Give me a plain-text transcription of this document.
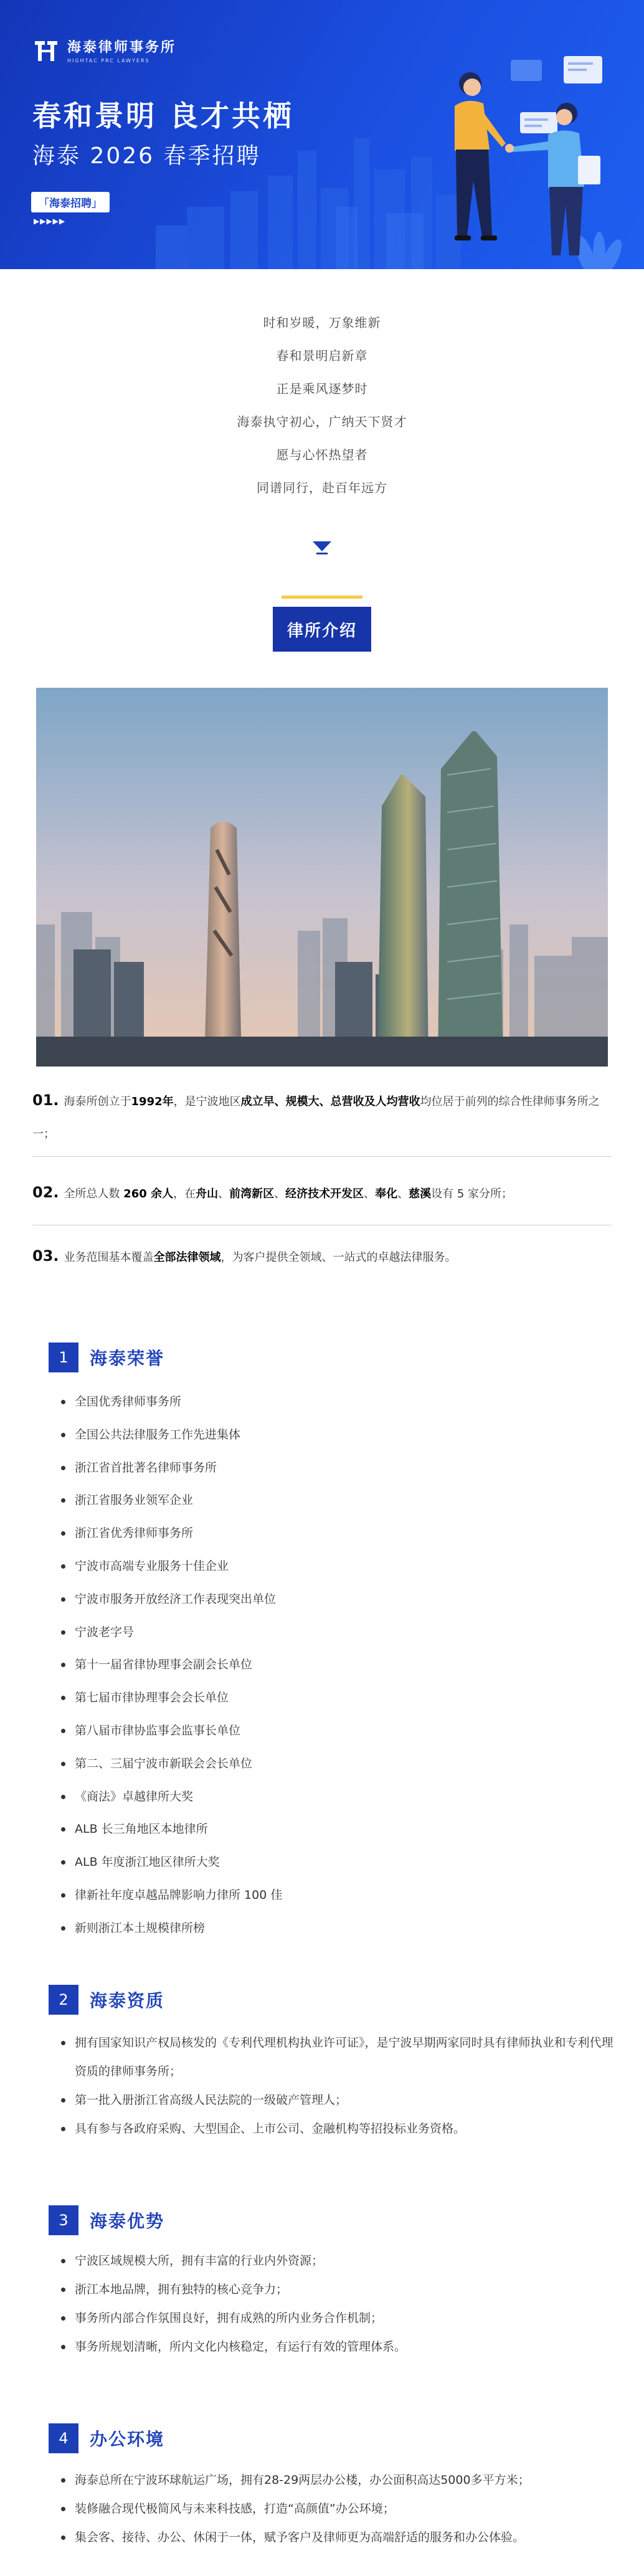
海泰律师事务所
HIGHTAC PRC LAWYERS
春和景明 良才共栖
海泰 2026 春季招聘
「海泰招聘」
▶▶▶▶▶

时和岁暖，万象维新

春和景明启新章

正是乘风逐梦时

海泰执守初心，广纳天下贤才

愿与心怀热望者

同谱同行，赴百年远方

律所介绍
01. 海泰所创立于1992年，是宁波地区成立早、规模大、总营收及人均营收均位居于前列的综合性律师事务所之一；
02. 全所总人数 260 余人，在舟山、前湾新区、经济技术开发区、奉化、慈溪设有 5 家分所；
03. 业务范围基本覆盖全部法律领域，为客户提供全领域、一站式的卓越法律服务。
1	海泰荣誉
全国优秀律师事务所
全国公共法律服务工作先进集体
浙江省首批著名律师事务所
浙江省服务业领军企业
浙江省优秀律师事务所
宁波市高端专业服务十佳企业
宁波市服务开放经济工作表现突出单位
宁波老字号
第十一届省律协理事会副会长单位
第七届市律协理事会会长单位
第八届市律协监事会监事长单位
第二、三届宁波市新联会会长单位
《商法》卓越律所大奖
ALB 长三角地区本地律所
ALB 年度浙江地区律所大奖
律新社年度卓越品牌影响力律所 100 佳
新则浙江本土规模律所榜
2	海泰资质
拥有国家知识产权局核发的《专利代理机构执业许可证》，是宁波早期两家同时具有律师执业和专利代理资质的律师事务所；
第一批入册浙江省高级人民法院的一级破产管理人；
具有参与各政府采购、大型国企、上市公司、金融机构等招投标业务资格。
3	海泰优势
宁波区域规模大所，拥有丰富的行业内外资源；
浙江本地品牌，拥有独特的核心竞争力；
事务所内部合作氛围良好，拥有成熟的所内业务合作机制；
事务所规划清晰，所内文化内核稳定，有运行有效的管理体系。
4	办公环境
海泰总所在宁波环球航运广场，拥有28-29两层办公楼，办公面积高达5000多平方米；
装修融合现代极简风与未来科技感，打造“高颜值”办公环境；
集会客、接待、办公、休闲于一体，赋予客户及律师更为高端舒适的服务和办公体验。
